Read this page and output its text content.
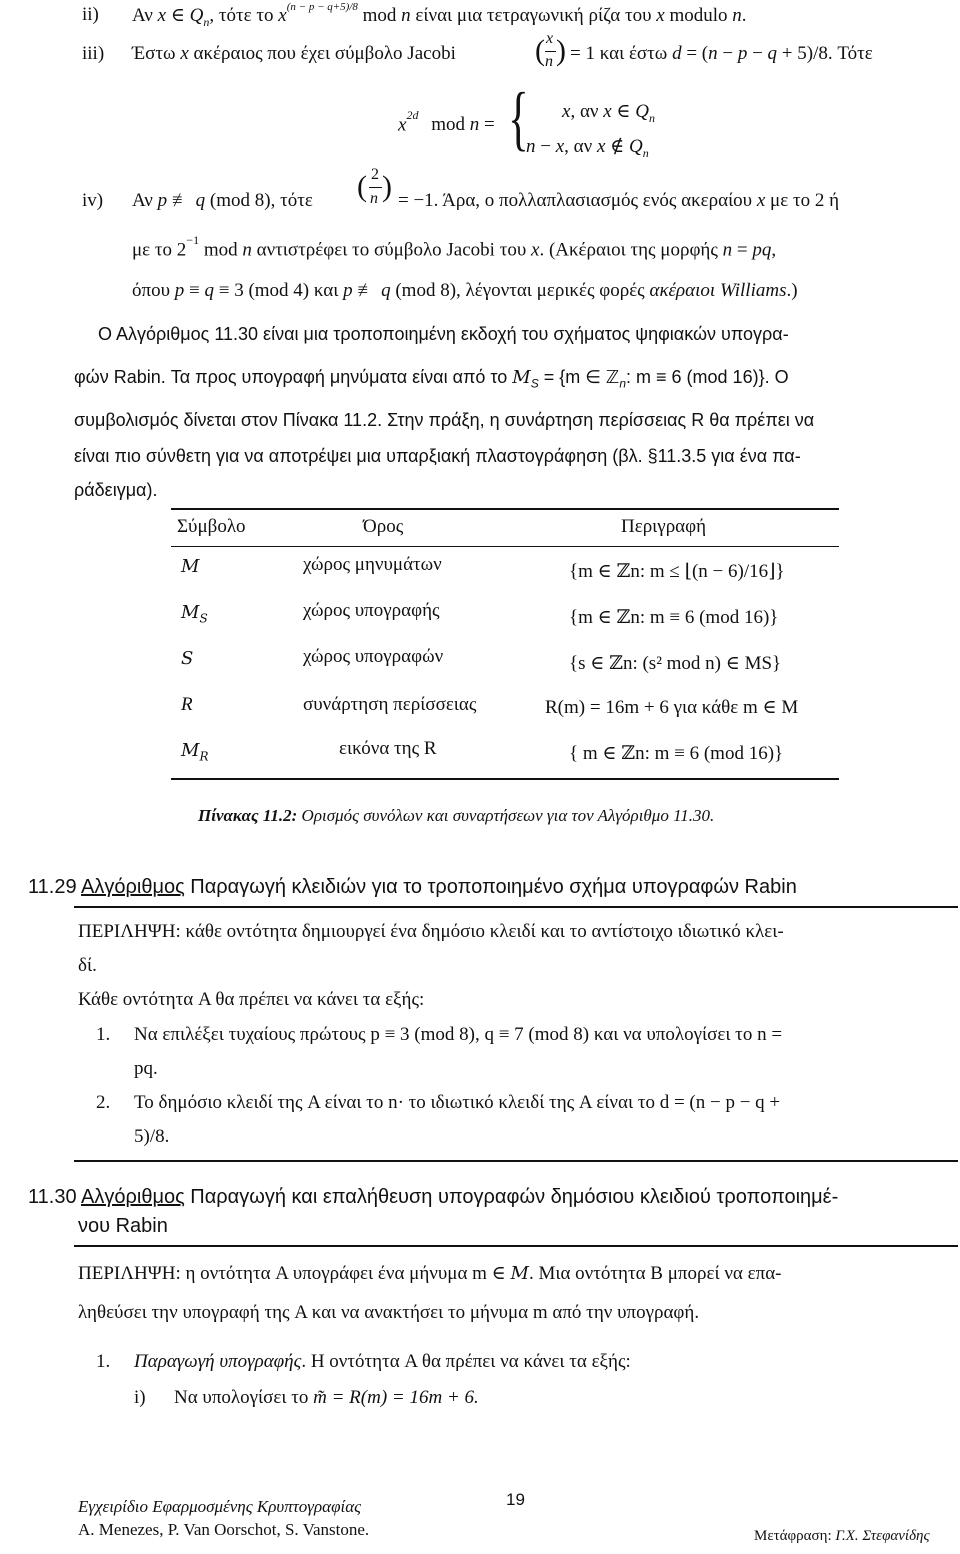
ii) Αν x ∈ $Q_n$, τότε το $x^{(n - p - q+5)/8}$ mod n είναι μια τετραγωνική ρίζα του x modulo n.
iii) Έστω x ακέραιος που έχει σύμβολο Jacobi	( x
n ) = 1 και έστω d = (n − p − q + 5)/8. Τότε
$x^{2d}$ mod n = { x, αν x ∈ $Q_n$
n − x, αν x ∉ $Q_n$
iv) Αν p ≢ q (mod 8), τότε ( 2
n ) = −1. Άρα, ο πολλαπλασιασμός ενός ακεραίου x με το 2 ή
με το $2^{-1}$ mod n αντιστρέφει το σύμβολο Jacobi του x. (Ακέραιοι της μορφής n = pq,
όπου p ≡ q ≡ 3 (mod 4) και p ≢ q (mod 8), λέγονται μερικές φορές ακέραιοι Williams.)
Ο Αλγόριθμος 11.30 είναι μια τροποποιημένη εκδοχή του σχήματος ψηφιακών υπογρα-
φών Rabin. Τα προς υπογραφή μηνύματα είναι από το $M_S = \{m$ ∈ ℤ$_n$: m ≡ 6 (mod 16)}. Ο
συμβολισμός δίνεται στον Πίνακα 11.2. Στην πράξη, η συνάρτηση περίσσειας R θα πρέπει να
είναι πιο σύνθετη για να αποτρέψει μια υπαρξιακή πλαστογράφηση (βλ. §11.3.5 για ένα πα-
ράδειγμα).
Σύμβολο	Όρος	Περιγραφή
M	χώρος μηνυμάτων	{m ∈ ℤn: m ≤ ⌊(n − 6)/16⌋}
$M_S$	χώρος υπογραφής	{m ∈ ℤn: m ≡ 6 (mod 16)}
S	χώρος υπογραφών	{s ∈ ℤn: (s² mod n) ∈ MS}
R	συνάρτηση περίσσειας	R(m) = 16m + 6 για κάθε m ∈ M
$M_R$	εικόνα της R	{ m ∈ ℤn: m ≡ 6 (mod 16)}
Πίνακας 11.2: Ορισμός συνόλων και συναρτήσεων για τον Αλγόριθμο 11.30.
11.29 Αλγόριθμος Παραγωγή κλειδιών για το τροποποιημένο σχήμα υπογραφών Rabin
ΠΕΡΙΛΗΨΗ: κάθε οντότητα δημιουργεί ένα δημόσιο κλειδί και το αντίστοιχο ιδιωτικό κλει-
δί.
Κάθε οντότητα A θα πρέπει να κάνει τα εξής:
1. Να επιλέξει τυχαίους πρώτους p ≡ 3 (mod 8), q ≡ 7 (mod 8) και να υπολογίσει το n =
pq.
2. Το δημόσιο κλειδί της A είναι το n· το ιδιωτικό κλειδί της A είναι το d = (n − p − q +
5)/8.
11.30 Αλγόριθμος Παραγωγή και επαλήθευση υπογραφών δημόσιου κλειδιού τροποποιημέ-
νου Rabin
ΠΕΡΙΛΗΨΗ: η οντότητα A υπογράφει ένα μήνυμα m ∈ M. Μια οντότητα B μπορεί να επα-
ληθεύσει την υπογραφή της A και να ανακτήσει το μήνυμα m από την υπογραφή.
1. Παραγωγή υπογραφής. Η οντότητα A θα πρέπει να κάνει τα εξής:
i) Να υπολογίσει το m̃ = R(m) = 16m + 6.
Εγχειρίδιο Εφαρμοσμένης Κρυπτογραφίας
A. Menezes, P. Van Oorschot, S. Vanstone.
19
Μετάφραση: Γ.Χ. Στεφανίδης
